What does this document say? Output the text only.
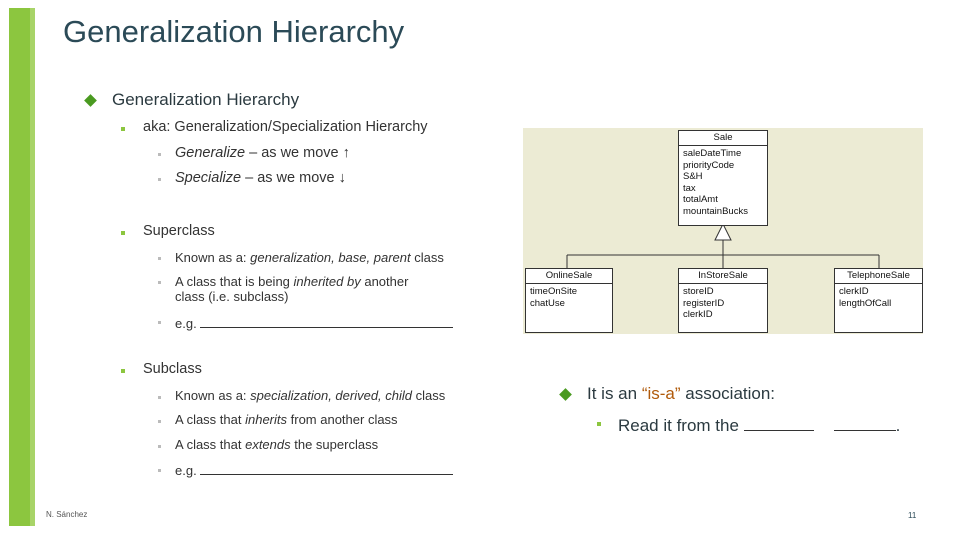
Generalization Hierarchy
Generalization Hierarchy
aka: Generalization/Specialization Hierarchy
Generalize – as we move ↑
Specialize – as we move ↓
Superclass
Known as a: generalization, base, parent class
A class that is being inherited by another
class (i.e. subclass)
e.g.
Subclass
Known as a: specialization, derived, child class
A class that inherits from another class
A class that extends the superclass
e.g.
Sale
saleDateTime
priorityCode
S&H
tax
totalAmt
mountainBucks
OnlineSale
timeOnSite
chatUse
InStoreSale
storeID
registerID
clerkID
TelephoneSale
clerkID
lengthOfCall
It is an “is-a” association:
Read it from the	.
N. Sánchez	11
